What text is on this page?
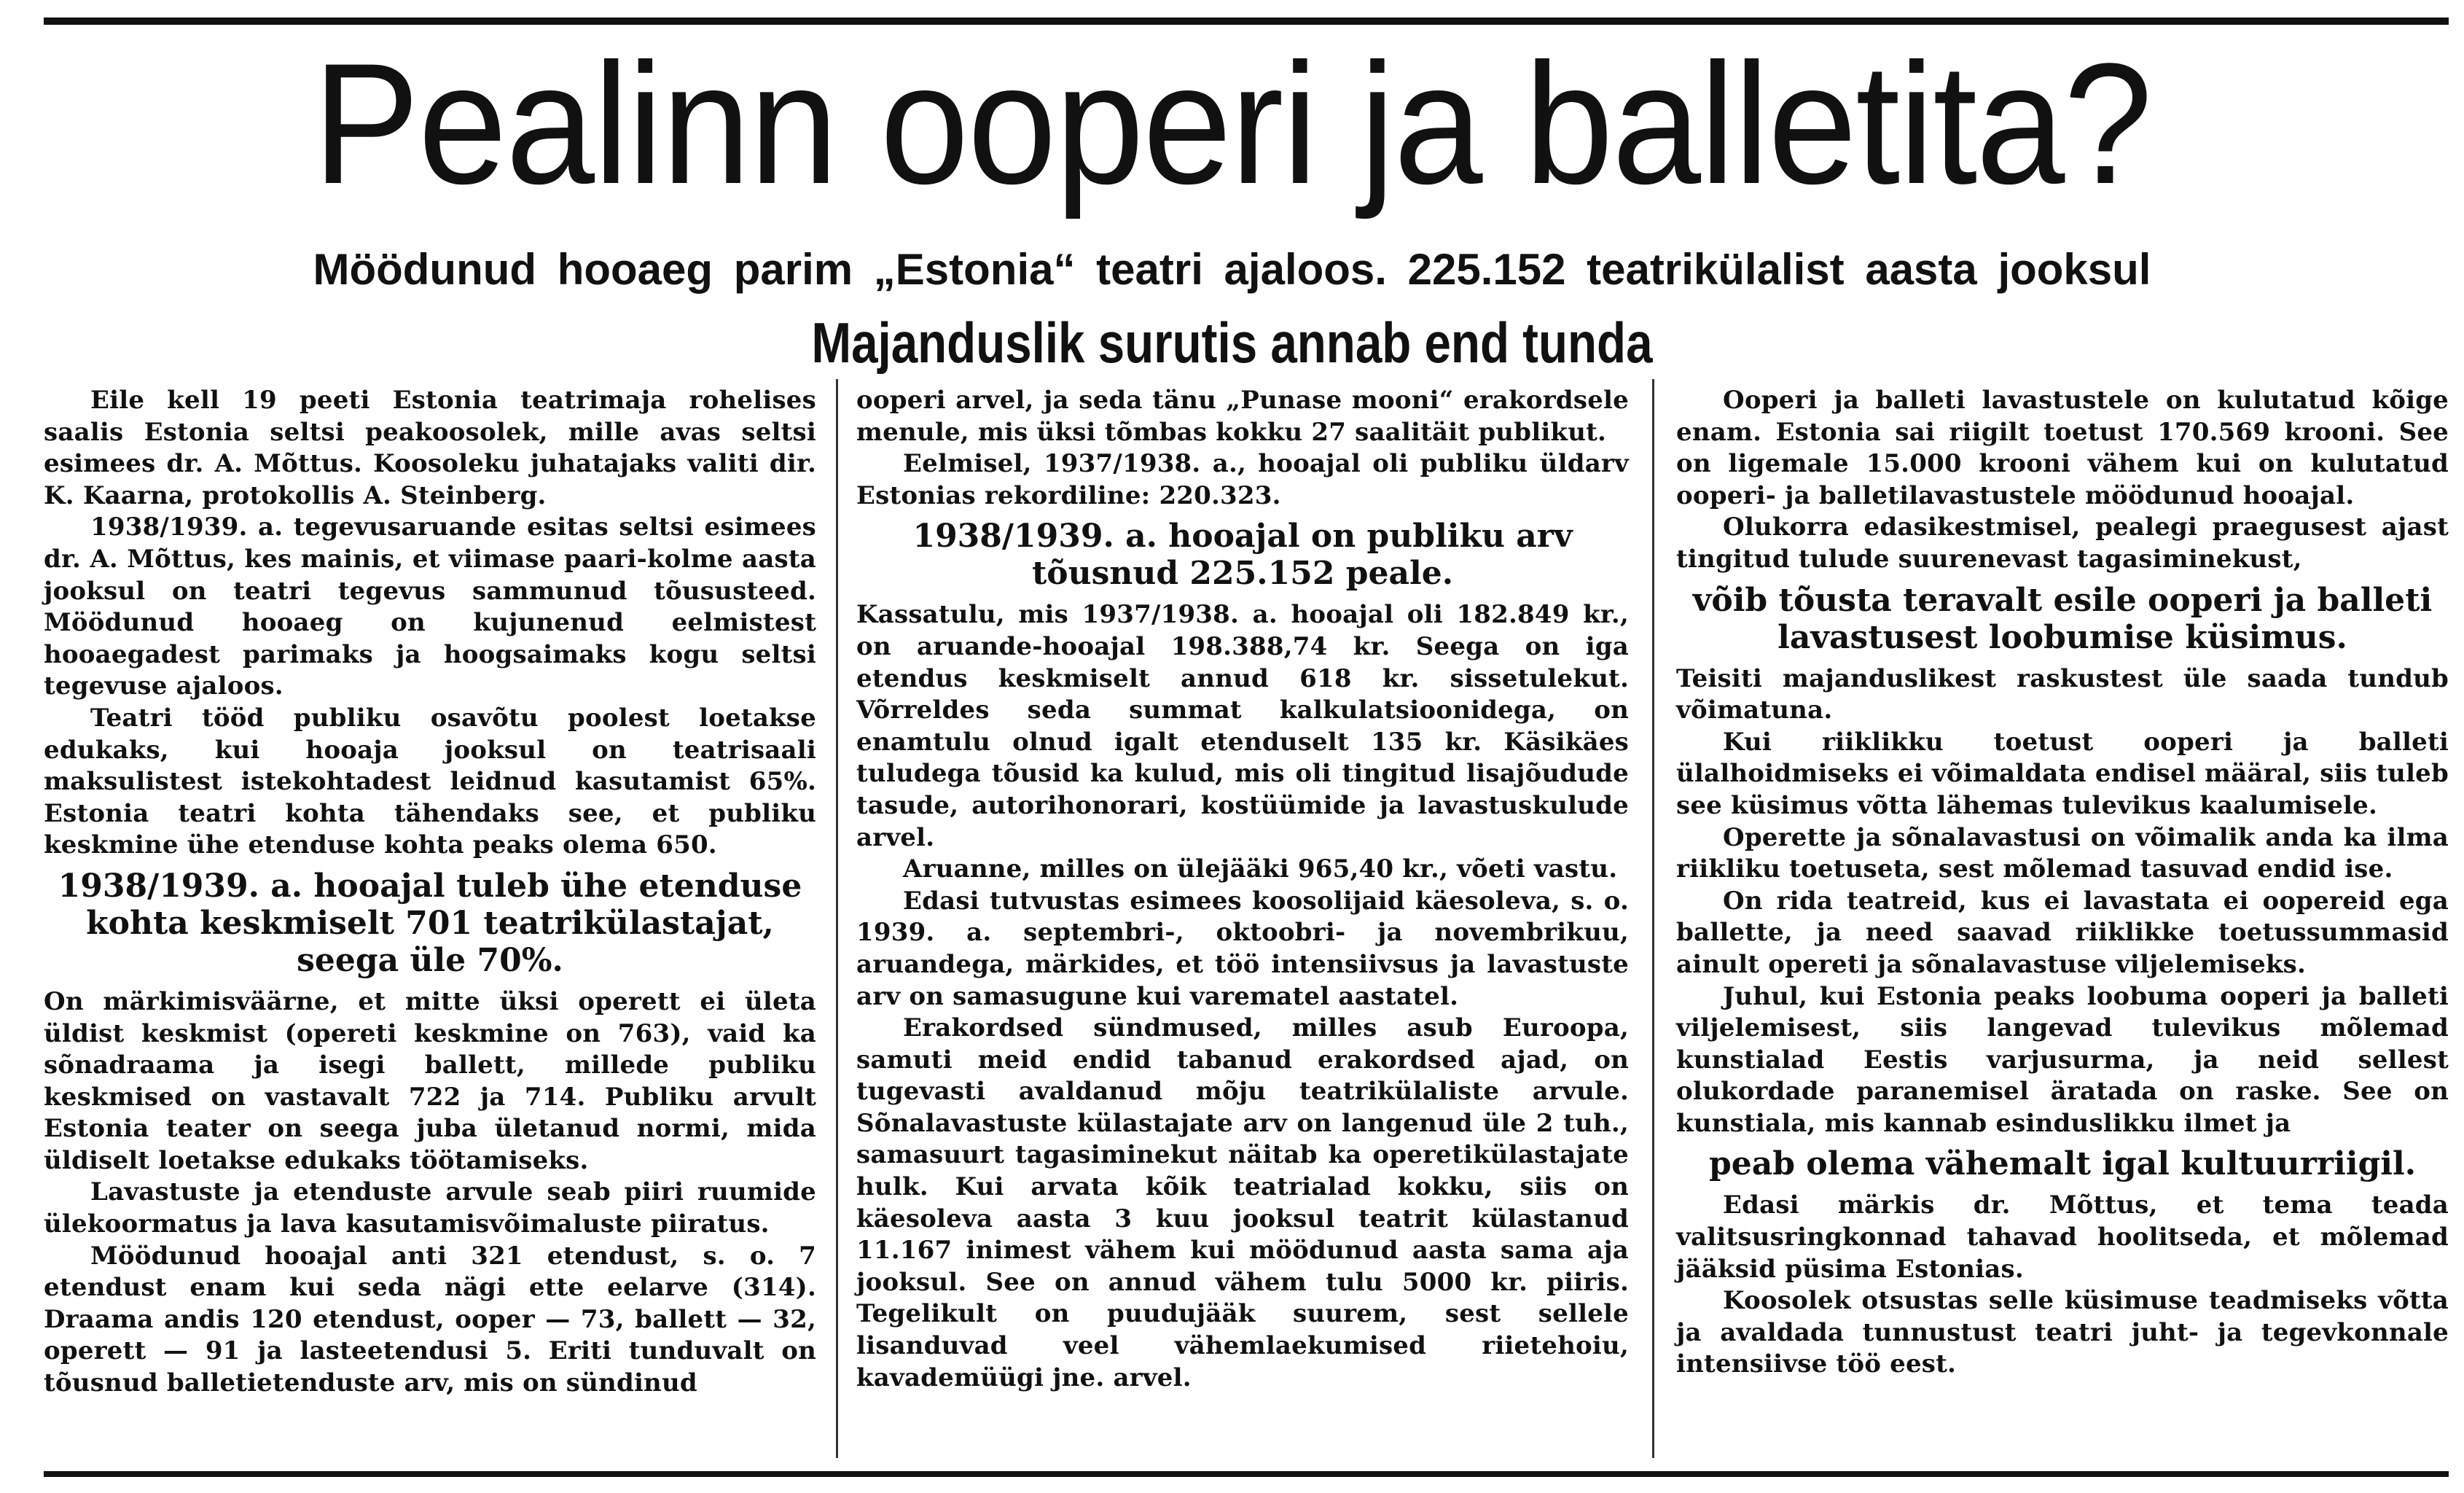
Pealinn ooperi ja balletita?
Möödunud hooaeg parim „Estonia“ teatri ajaloos. 225.152 teatrikülalist aasta jooksul
Majanduslik surutis annab end tunda

Eile kell 19 peeti Estonia teatrimaja rohelises saalis Estonia seltsi peakoosolek, mille avas seltsi esimees dr. A. Mõttus. Koosoleku juhatajaks valiti dir. K. Kaarna, protokollis A. Steinberg.

1938/1939. a. tegevusaruande esitas seltsi esimees dr. A. Mõttus, kes mainis, et viimase paari-kolme aasta jooksul on teatri tegevus sammunud tõususteed. Möödunud hooaeg on kujunenud eelmistest hooaegadest parimaks ja hoogsaimaks kogu seltsi tegevuse ajaloos.

Teatri tööd publiku osavõtu poolest loetakse edukaks, kui hooaja jooksul on teatrisaali maksulistest istekohtadest leidnud kasutamist 65%. Estonia teatri kohta tähendaks see, et publiku keskmine ühe etenduse kohta peaks olema 650.

1938/1939. a. hooajal tuleb ühe etenduse kohta keskmiselt 701 teatrikülastajat, seega üle 70%.

On märkimisväärne, et mitte üksi operett ei ületa üldist keskmist (opereti keskmine on 763), vaid ka sõnadraama ja isegi ballett, millede publiku keskmised on vastavalt 722 ja 714. Publiku arvult Estonia teater on seega juba ületanud normi, mida üldiselt loetakse edukaks töötamiseks.

Lavastuste ja etenduste arvule seab piiri ruumide ülekoormatus ja lava kasutamisvõimaluste piiratus.

Möödunud hooajal anti 321 etendust, s. o. 7 etendust enam kui seda nägi ette eelarve (314). Draama andis 120 etendust, ooper — 73, ballett — 32, operett — 91 ja lasteetendusi 5. Eriti tunduvalt on tõusnud balletietenduste arv, mis on sündinud

ooperi arvel, ja seda tänu „Punase mooni“ erakordsele menule, mis üksi tõmbas kokku 27 saalitäit publikut.

Eelmisel, 1937/1938. a., hooajal oli publiku üldarv Estonias rekordiline: 220.323.

1938/1939. a. hooajal on publiku arv tõusnud 225.152 peale.

Kassatulu, mis 1937/1938. a. hooajal oli 182.849 kr., on aruande-hooajal 198.388,74 kr. Seega on iga etendus keskmiselt annud 618 kr. sissetulekut. Võrreldes seda summat kalkulatsioonidega, on enamtulu olnud igalt etenduselt 135 kr. Käsikäes tuludega tõusid ka kulud, mis oli tingitud lisajõudude tasude, autorihonorari, kostüümide ja lavastuskulude arvel.

Aruanne, milles on ülejääki 965,40 kr., võeti vastu.

Edasi tutvustas esimees koosolijaid käesoleva, s. o. 1939. a. septembri-, oktoobri- ja novembrikuu, aruandega, märkides, et töö intensiivsus ja lavastuste arv on samasugune kui varematel aastatel.

Erakordsed sündmused, milles asub Euroopa, samuti meid endid tabanud erakordsed ajad, on tugevasti avaldanud mõju teatrikülaliste arvule. Sõnalavastuste külastajate arv on langenud üle 2 tuh., samasuurt tagasiminekut näitab ka operetikülastajate hulk. Kui arvata kõik teatrialad kokku, siis on käesoleva aasta 3 kuu jooksul teatrit külastanud 11.167 inimest vähem kui möödunud aasta sama aja jooksul. See on annud vähem tulu 5000 kr. piiris. Tegelikult on puudujääk suurem, sest sellele lisanduvad veel vähemlaekumised riietehoiu, kavademüügi jne. arvel.

Ooperi ja balleti lavastustele on kulutatud kõige enam. Estonia sai riigilt toetust 170.569 krooni. See on ligemale 15.000 krooni vähem kui on kulutatud ooperi- ja balletilavastustele möödunud hooajal.

Olukorra edasikestmisel, pealegi praegusest ajast tingitud tulude suurenevast tagasiminekust,

võib tõusta teravalt esile ooperi ja balleti lavastusest loobumise küsimus.

Teisiti majanduslikest raskustest üle saada tundub võimatuna.

Kui riiklikku toetust ooperi ja balleti ülalhoidmiseks ei võimaldata endisel määral, siis tuleb see küsimus võtta lähemas tulevikus kaalumisele.

Operette ja sõnalavastusi on võimalik anda ka ilma riikliku toetuseta, sest mõlemad tasuvad endid ise.

On rida teatreid, kus ei lavastata ei oopereid ega ballette, ja need saavad riiklikke toetussummasid ainult opereti ja sõnalavastuse viljelemiseks.

Juhul, kui Estonia peaks loobuma ooperi ja balleti viljelemisest, siis langevad tulevikus mõlemad kunstialad Eestis varjusurma, ja neid sellest olukordade paranemisel äratada on raske. See on kunstiala, mis kannab esinduslikku ilmet ja

peab olema vähemalt igal kultuurriigil.

Edasi märkis dr. Mõttus, et tema teada valitsusringkonnad tahavad hoolitseda, et mõlemad jääksid püsima Estonias.

Koosolek otsustas selle küsimuse teadmiseks võtta ja avaldada tunnustust teatri juht- ja tegevkonnale intensiivse töö eest.
